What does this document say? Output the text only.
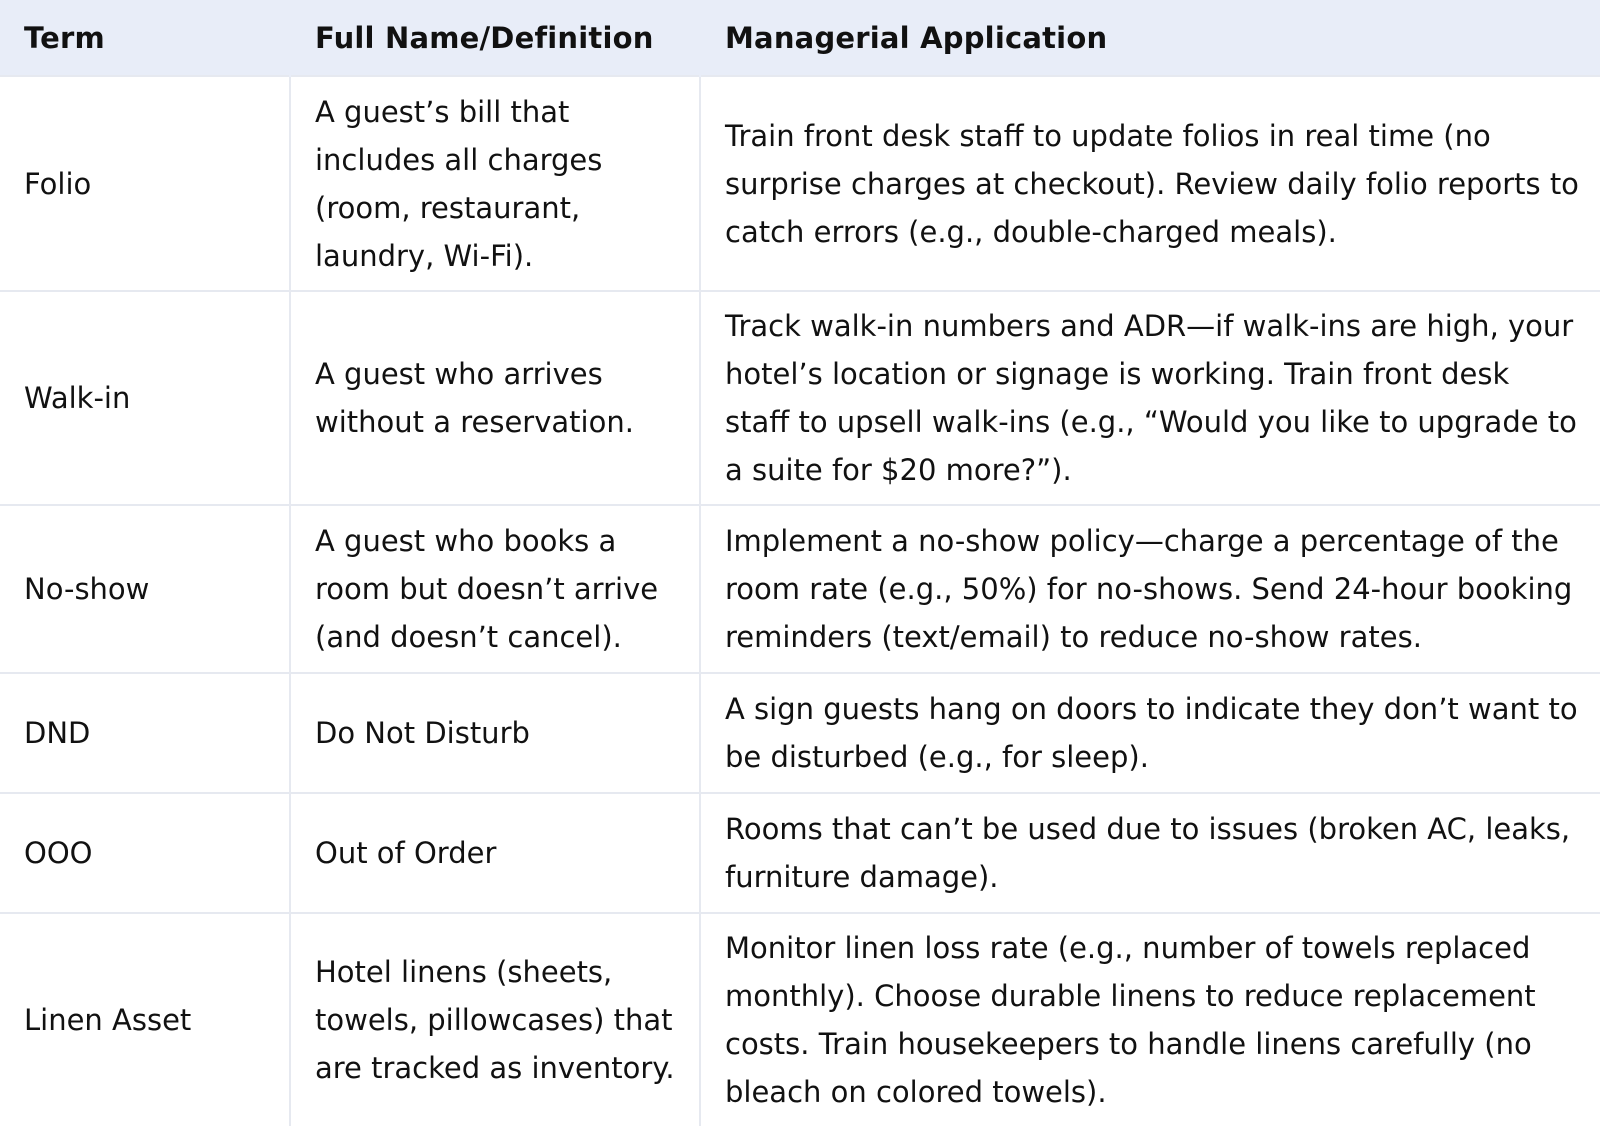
Term	Full Name/Definition	Managerial Application
Folio	A guest’s bill that includes all charges (room, restaurant, laundry, Wi-Fi).	Train front desk staff to update folios in real time (no surprise charges at checkout). Review daily folio reports to catch errors (e.g., double-charged meals).
Walk-in	A guest who arrives without a reservation.	Track walk-in numbers and ADR—if walk-ins are high, your hotel’s location or signage is working. Train front desk staff to upsell walk-ins (e.g., “Would you like to upgrade to a suite for $20 more?”).
No-show	A guest who books a room but doesn’t arrive (and doesn’t cancel).	Implement a no-show policy—charge a percentage of the room rate (e.g., 50%) for no-shows. Send 24-hour booking reminders (text/email) to reduce no-show rates.
DND	Do Not Disturb	A sign guests hang on doors to indicate they don’t want to be disturbed (e.g., for sleep).
OOO	Out of Order	Rooms that can’t be used due to issues (broken AC, leaks, furniture damage).
Linen Asset	Hotel linens (sheets, towels, pillowcases) that are tracked as inventory.	Monitor linen loss rate (e.g., number of towels replaced monthly). Choose durable linens to reduce replacement costs. Train housekeepers to handle linens carefully (no bleach on colored towels).
